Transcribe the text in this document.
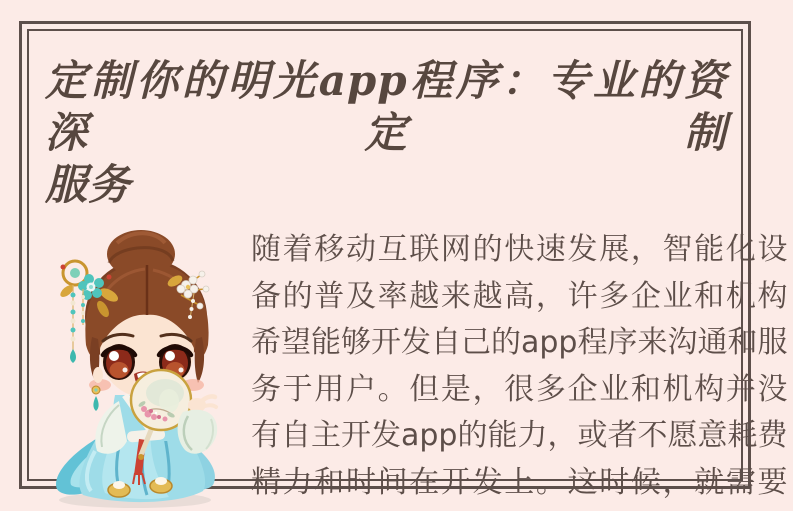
定制你的明光app程序：专业的资深定制
服务
随着移动互联网的快速发展，智能化设
备的普及率越来越高，许多企业和机构
希望能够开发自己的app程序来沟通和服
务于用户。但是，很多企业和机构并没
有自主开发app的能力，或者不愿意耗费
精力和时间在开发上。这时候，就需要
